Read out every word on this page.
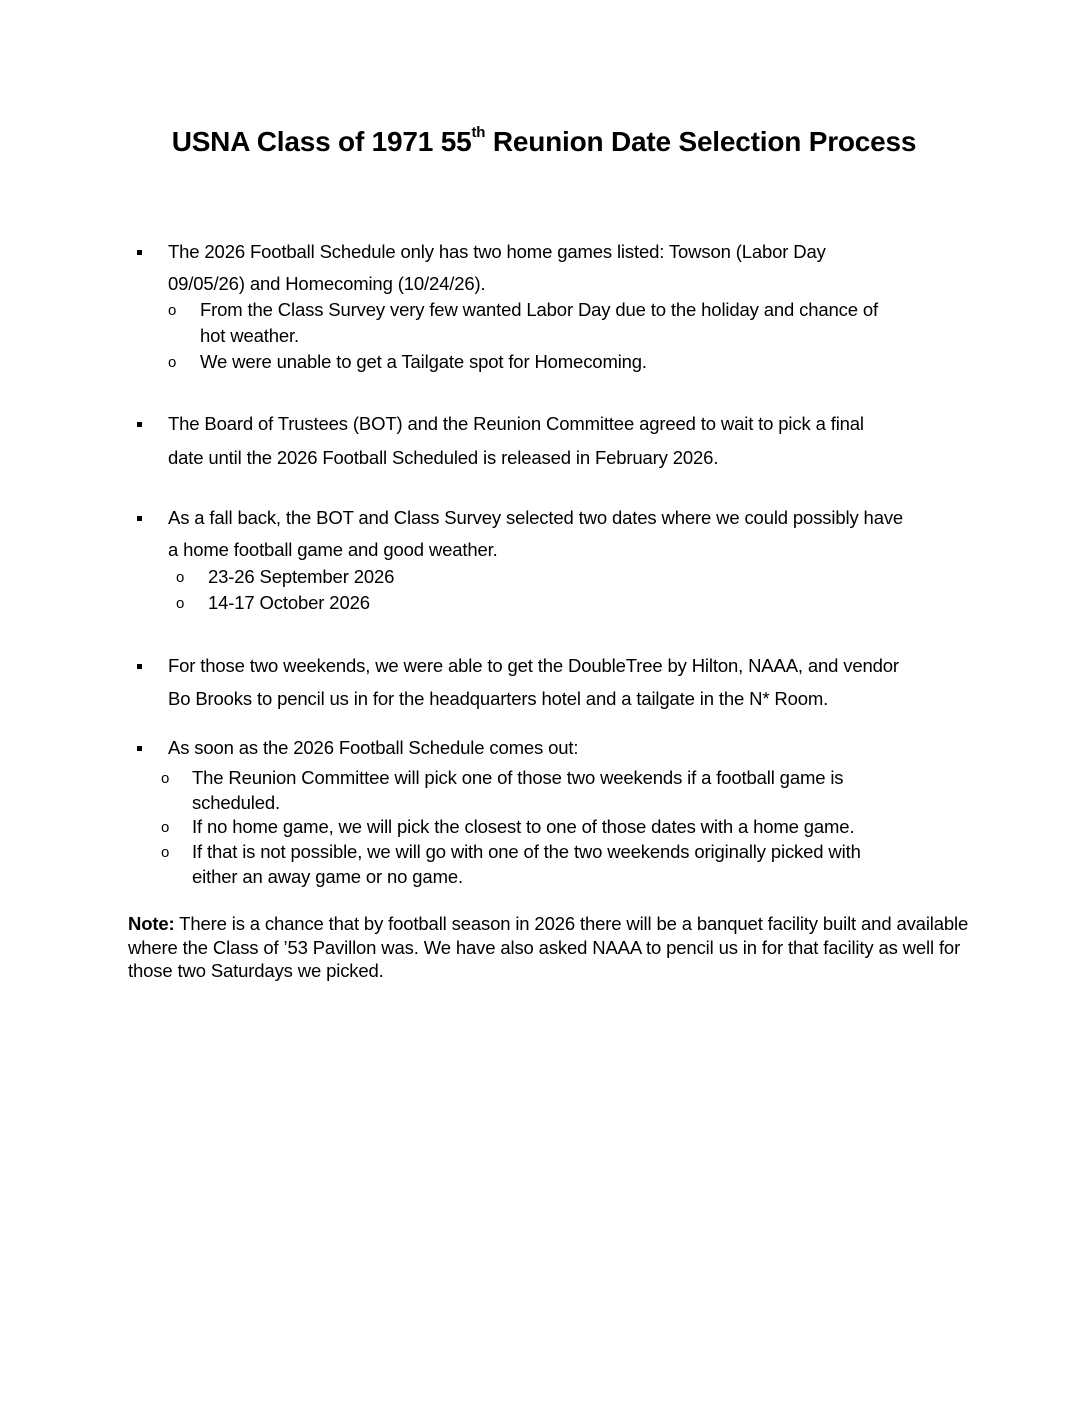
USNA Class of 1971 55th Reunion Date Selection Process
The 2026 Football Schedule only has two home games listed: Towson (Labor Day
09/05/26) and Homecoming (10/24/26).
o From the Class Survey very few wanted Labor Day due to the holiday and chance of
hot weather.
o We were unable to get a Tailgate spot for Homecoming.
The Board of Trustees (BOT) and the Reunion Committee agreed to wait to pick a final
date until the 2026 Football Scheduled is released in February 2026.
As a fall back, the BOT and Class Survey selected two dates where we could possibly have
a home football game and good weather.
o 23-26 September 2026
o 14-17 October 2026
For those two weekends, we were able to get the DoubleTree by Hilton, NAAA, and vendor
Bo Brooks to pencil us in for the headquarters hotel and a tailgate in the N* Room.
As soon as the 2026 Football Schedule comes out:
o The Reunion Committee will pick one of those two weekends if a football game is
scheduled.
o If no home game, we will pick the closest to one of those dates with a home game.
o If that is not possible, we will go with one of the two weekends originally picked with
either an away game or no game.
Note: There is a chance that by football season in 2026 there will be a banquet facility built and available where the Class of ’53 Pavillon was. We have also asked NAAA to pencil us in for that facility as well for those two Saturdays we picked.
